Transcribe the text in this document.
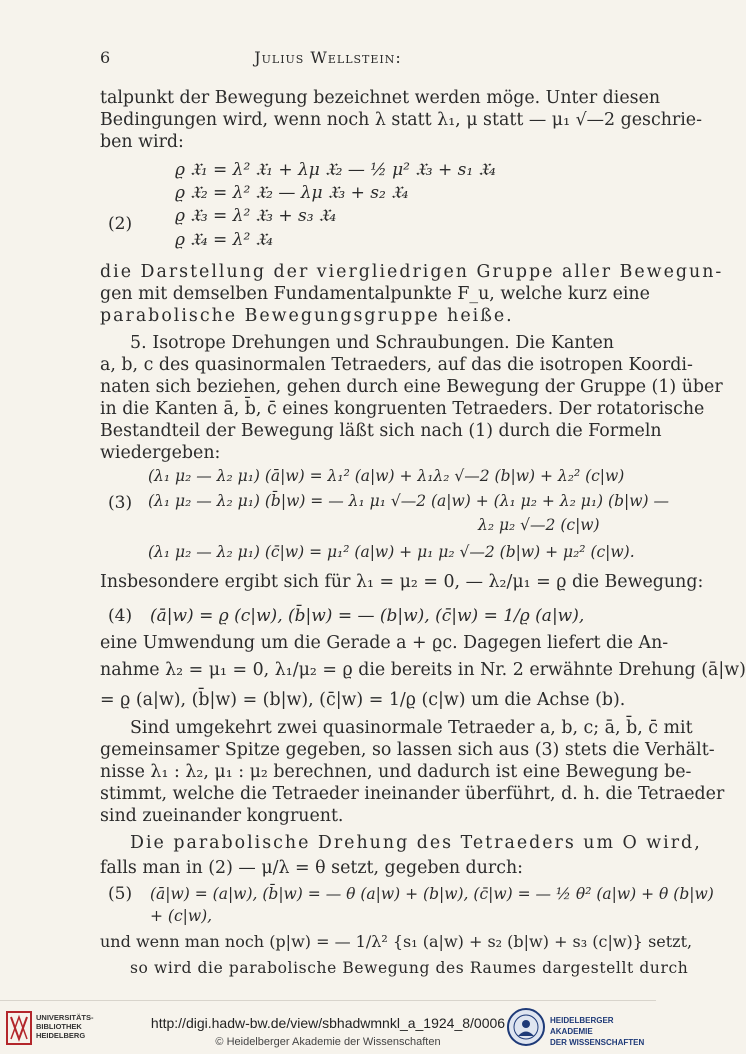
6	Julius Wellstein:
talpunkt der Bewegung bezeichnet werden möge. Unter diesen
Bedingungen wird, wenn noch λ statt λ₁, μ statt — μ₁ √—2 geschrie-
ben wird:
(2)
ϱ 𝔛₁ = λ² 𝔛₁ + λμ 𝔛₂ — ½ μ² 𝔛₃ + s₁ 𝔛₄
ϱ 𝔛₂ = λ² 𝔛₂ — λμ 𝔛₃ + s₂ 𝔛₄
ϱ 𝔛₃ = λ² 𝔛₃ + s₃ 𝔛₄
ϱ 𝔛₄ = λ² 𝔛₄
die Darstellung der viergliedrigen Gruppe aller Bewegun-
gen mit demselben Fundamentalpunkte F_u, welche kurz eine
parabolische Bewegungsgruppe heiße.
5. Isotrope Drehungen und Schraubungen. Die Kanten
a, b, c des quasinormalen Tetraeders, auf das die isotropen Koordi-
naten sich beziehen, gehen durch eine Bewegung der Gruppe (1) über
in die Kanten ā, b̄, c̄ eines kongruenten Tetraeders. Der rotatorische
Bestandteil der Bewegung läßt sich nach (1) durch die Formeln
wiedergeben:
(3)
(λ₁ μ₂ — λ₂ μ₁) (ā|w) = λ₁² (a|w) + λ₁λ₂ √—2 (b|w) + λ₂² (c|w)
(λ₁ μ₂ — λ₂ μ₁) (b̄|w) = — λ₁ μ₁ √—2 (a|w) + (λ₁ μ₂ + λ₂ μ₁) (b|w) —
λ₂ μ₂ √—2 (c|w)
(λ₁ μ₂ — λ₂ μ₁) (c̄|w) = μ₁² (a|w) + μ₁ μ₂ √—2 (b|w) + μ₂² (c|w).
Insbesondere ergibt sich für λ₁ = μ₂ = 0, — λ₂/μ₁ = ϱ die Bewegung:
(4) (ā|w) = ϱ (c|w), (b̄|w) = — (b|w), (c̄|w) = 1/ϱ (a|w),
eine Umwendung um die Gerade a + ϱc. Dagegen liefert die An-
nahme λ₂ = μ₁ = 0, λ₁/μ₂ = ϱ die bereits in Nr. 2 erwähnte Drehung (ā|w)
= ϱ (a|w), (b̄|w) = (b|w), (c̄|w) = 1/ϱ (c|w) um die Achse (b).
Sind umgekehrt zwei quasinormale Tetraeder a, b, c; ā, b̄, c̄ mit
gemeinsamer Spitze gegeben, so lassen sich aus (3) stets die Verhält-
nisse λ₁ : λ₂, μ₁ : μ₂ berechnen, und dadurch ist eine Bewegung be-
stimmt, welche die Tetraeder ineinander überführt, d. h. die Tetraeder
sind zueinander kongruent.
Die parabolische Drehung des Tetraeders um O wird,
falls man in (2) — μ/λ = θ setzt, gegeben durch:
(5) (ā|w) = (a|w), (b̄|w) = — θ (a|w) + (b|w), (c̄|w) = — ½ θ² (a|w) + θ (b|w)
+ (c|w),
und wenn man noch (p|w) = — 1/λ² {s₁ (a|w) + s₂ (b|w) + s₃ (c|w)} setzt,
so wird die parabolische Bewegung des Raumes dargestellt durch
UNIVERSITÄTS-
BIBLIOTHEK
HEIDELBERG
http://digi.hadw-bw.de/view/sbhadwmnkl_a_1924_8/0006
© Heidelberger Akademie der Wissenschaften
HEIDELBERGER AKADEMIE
DER WISSENSCHAFTEN
